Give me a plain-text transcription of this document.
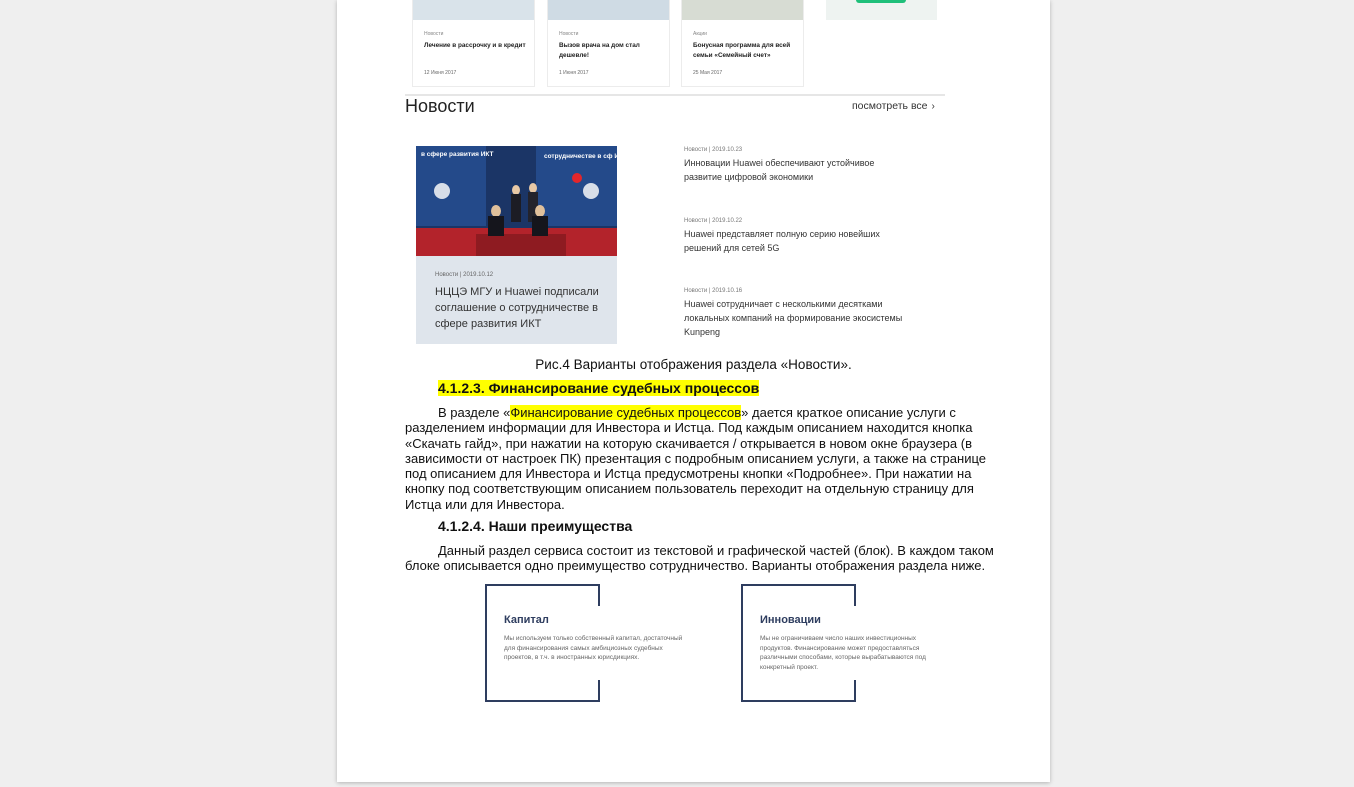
Новости
Лечение в рассрочку и в кредит
12 Июня 2017
Новости
Вызов врача на дом стал дешевле!
1 Июня 2017
Акции
Бонусная программа для всей семьи «Семейный счет»
25 Мая 2017
Новости	посмотреть все ›
в сфере развития ИКТ	сотрудничестве в сф ИКТ
Новости | 2019.10.12
НЦЦЭ МГУ и Huawei подписали соглашение о сотрудничестве в сфере развития ИКТ
Новости | 2019.10.23
Инновации Huawei обеспечивают устойчивое развитие цифровой экономики
Новости | 2019.10.22
Huawei представляет полную серию новейших решений для сетей 5G
Новости | 2019.10.16
Huawei сотрудничает с несколькими десятками локальных компаний на формирование экосистемы Kunpeng
Рис.4 Варианты отображения раздела «Новости».
4.1.2.3. Финансирование судебных процессов

В разделе «Финансирование судебных процессов» дается краткое описание услуги с разделением информации для Инвестора и Истца. Под каждым описанием находится кнопка «Скачать гайд», при нажатии на которую скачивается / открывается в новом окне браузера (в зависимости от настроек ПК) презентация с подробным описанием услуги, а также на странице под описанием для Инвестора и Истца предусмотрены кнопки «Подробнее». При нажатии на кнопку под соответствующим описанием пользователь переходит на отдельную страницу для Истца или для Инвестора.

4.1.2.4. Наши преимущества

Данный раздел сервиса состоит из текстовой и графической частей (блок). В каждом таком блоке описывается одно преимущество сотрудничество. Варианты отображения раздела ниже.

Капитал
Мы используем только собственный капитал, достаточный для финансирования самых амбициозных судебных проектов, в т.ч. в иностранных юрисдикциях.
Инновации
Мы не ограничиваем число наших инвестиционных продуктов. Финансирование может предоставляться различными способами, которые вырабатываются под конкретный проект.
